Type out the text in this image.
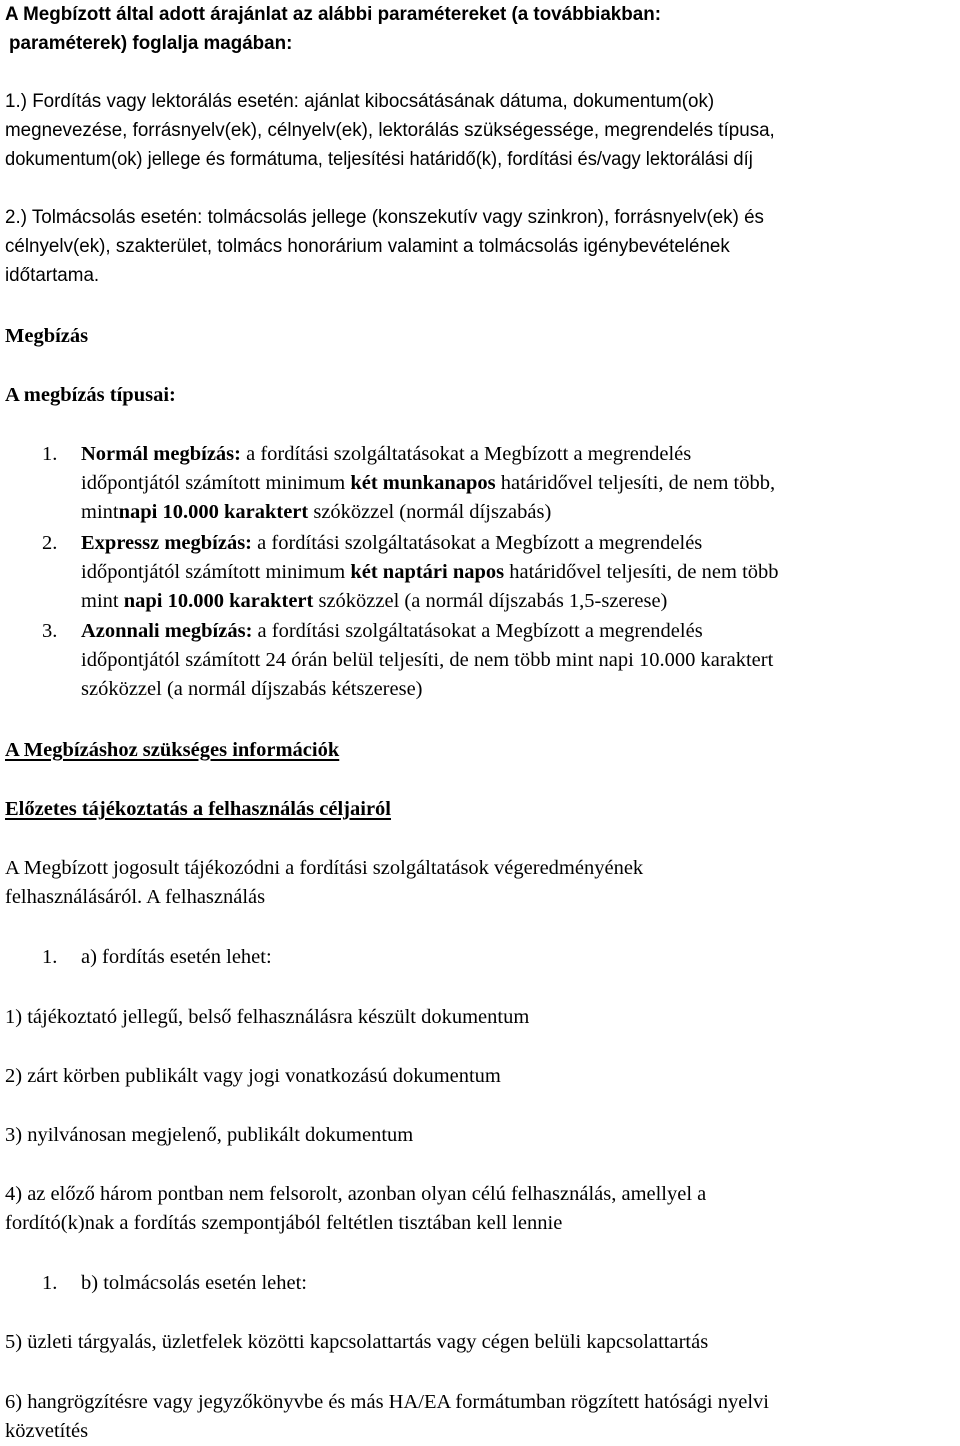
A Megbízott által adott árajánlat az alábbi paramétereket (a továbbiakban:
paraméterek) foglalja magában:
1.) Fordítás vagy lektorálás esetén: ajánlat kibocsátásának dátuma, dokumentum(ok)
megnevezése, forrásnyelv(ek), célnyelv(ek), lektorálás szükségessége, megrendelés típusa,
dokumentum(ok) jellege és formátuma, teljesítési határidő(k), fordítási és/vagy lektorálási díj
2.) Tolmácsolás esetén: tolmácsolás jellege (konszekutív vagy szinkron), forrásnyelv(ek) és
célnyelv(ek), szakterület, tolmács honorárium valamint a tolmácsolás igénybevételének
időtartama.
Megbízás
A megbízás típusai:
1. Normál megbízás: a fordítási szolgáltatásokat a Megbízott a megrendelés
időpontjától számított minimum két munkanapos határidővel teljesíti, de nem több,
mintnapi 10.000 karaktert szóközzel (normál díjszabás)
2. Expressz megbízás: a fordítási szolgáltatásokat a Megbízott a megrendelés
időpontjától számított minimum két naptári napos határidővel teljesíti, de nem több
mint napi 10.000 karaktert szóközzel (a normál díjszabás 1,5-szerese)
3. Azonnali megbízás: a fordítási szolgáltatásokat a Megbízott a megrendelés
időpontjától számított 24 órán belül teljesíti, de nem több mint napi 10.000 karaktert
szóközzel (a normál díjszabás kétszerese)
A Megbízáshoz szükséges információk
Előzetes tájékoztatás a felhasználás céljairól
A Megbízott jogosult tájékozódni a fordítási szolgáltatások végeredményének
felhasználásáról. A felhasználás
1. a) fordítás esetén lehet:
1) tájékoztató jellegű, belső felhasználásra készült dokumentum
2) zárt körben publikált vagy jogi vonatkozású dokumentum
3) nyilvánosan megjelenő, publikált dokumentum
4) az előző három pontban nem felsorolt, azonban olyan célú felhasználás, amellyel a
fordító(k)nak a fordítás szempontjából feltétlen tisztában kell lennie
1. b) tolmácsolás esetén lehet:
5) üzleti tárgyalás, üzletfelek közötti kapcsolattartás vagy cégen belüli kapcsolattartás
6) hangrögzítésre vagy jegyzőkönyvbe és más HA/EA formátumban rögzített hatósági nyelvi
közvetítés
